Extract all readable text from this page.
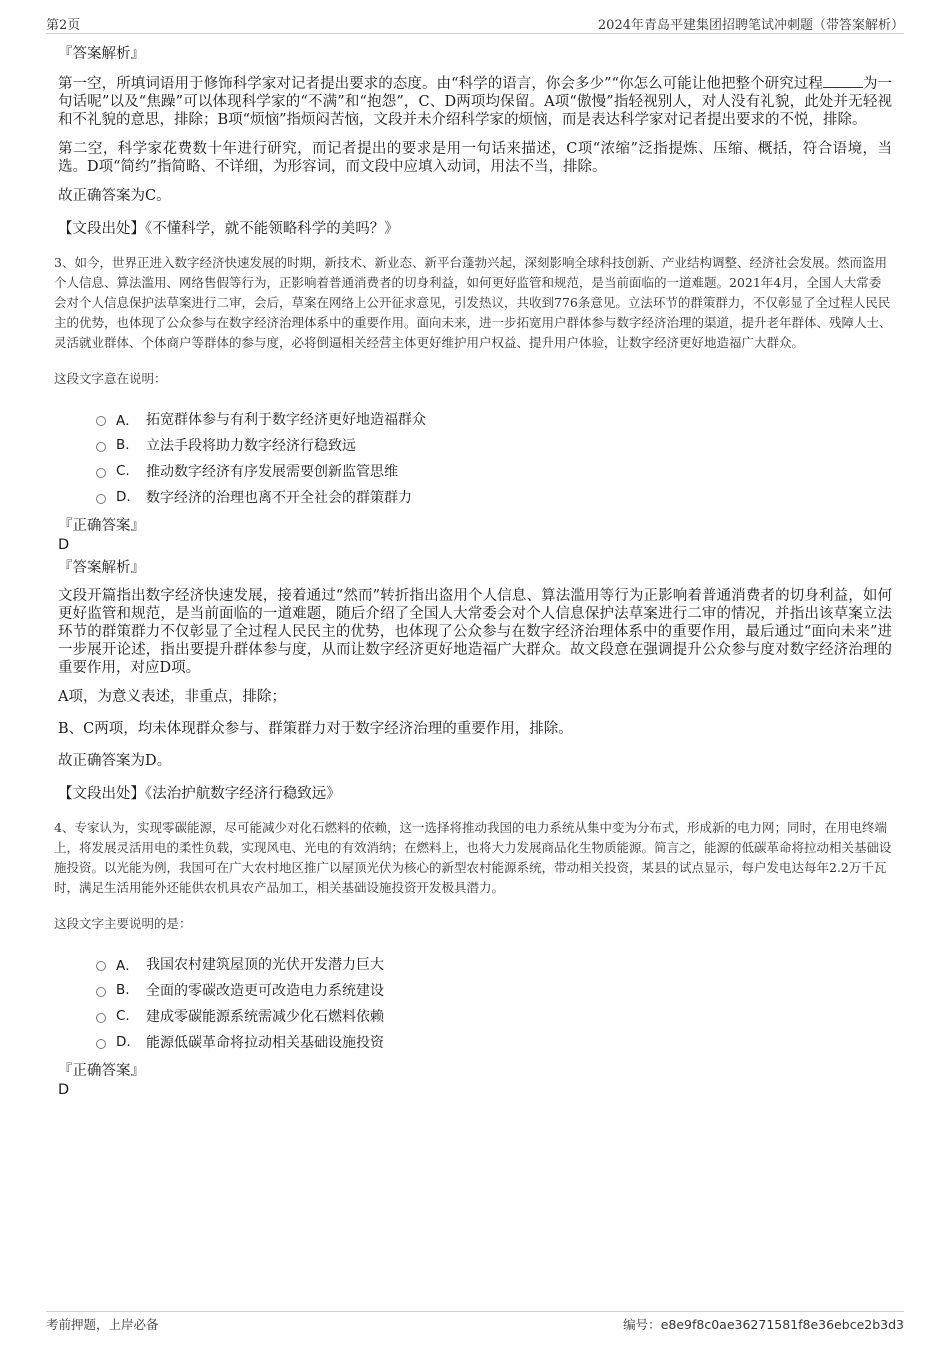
第2页	2024年青岛平建集团招聘笔试冲刺题（带答案解析）
『答案解析』
第一空，所填词语用于修饰科学家对记者提出要求的态度。由“科学的语言，你会多少”“你怎么可能让他把整个研究过程	为一句话呢”以及“焦躁”可以体现科学家的“不满”和“抱怨”，C、D两项均保留。A项“傲慢”指轻视别人，对人没有礼貌，此处并无轻视和不礼貌的意思，排除；B项“烦恼”指烦闷苦恼，文段并未介绍科学家的烦恼，而是表达科学家对记者提出要求的不悦，排除。
第二空，科学家花费数十年进行研究，而记者提出的要求是用一句话来描述，C项“浓缩”泛指提炼、压缩、概括，符合语境，当选。D项“简约”指简略、不详细，为形容词，而文段中应填入动词，用法不当，排除。
故正确答案为C。
【文段出处】《不懂科学，就不能领略科学的美吗？》
3、如今，世界正进入数字经济快速发展的时期，新技术、新业态、新平台蓬勃兴起，深刻影响全球科技创新、产业结构调整、经济社会发展。然而盗用个人信息、算法滥用、网络售假等行为，正影响着普通消费者的切身利益，如何更好监管和规范，是当前面临的一道难题。2021年4月，全国人大常委会对个人信息保护法草案进行二审，会后，草案在网络上公开征求意见，引发热议，共收到776条意见。立法环节的群策群力，不仅彰显了全过程人民民主的优势，也体现了公众参与在数字经济治理体系中的重要作用。面向未来，进一步拓宽用户群体参与数字经济治理的渠道，提升老年群体、残障人士、灵活就业群体、个体商户等群体的参与度，必将倒逼相关经营主体更好维护用户权益、提升用户体验，让数字经济更好地造福广大群众。
这段文字意在说明：
A． 拓宽群体参与有利于数字经济更好地造福群众
B.	立法手段将助力数字经济行稳致远
C.	推动数字经济有序发展需要创新监管思维
D.	数字经济的治理也离不开全社会的群策群力
『正确答案』
D
『答案解析』
文段开篇指出数字经济快速发展，接着通过“然而”转折指出盗用个人信息、算法滥用等行为正影响着普通消费者的切身利益，如何更好监管和规范，是当前面临的一道难题，随后介绍了全国人大常委会对个人信息保护法草案进行二审的情况，并指出该草案立法环节的群策群力不仅彰显了全过程人民民主的优势，也体现了公众参与在数字经济治理体系中的重要作用，最后通过“面向未来”进一步展开论述，指出要提升群体参与度，从而让数字经济更好地造福广大群众。故文段意在强调提升公众参与度对数字经济治理的重要作用，对应D项。
A项，为意义表述，非重点，排除；
B、C两项，均未体现群众参与、群策群力对于数字经济治理的重要作用，排除。
故正确答案为D。
【文段出处】《法治护航数字经济行稳致远》
4、专家认为，实现零碳能源，尽可能减少对化石燃料的依赖，这一选择将推动我国的电力系统从集中变为分布式，形成新的电力网；同时，在用电终端上，将发展灵活用电的柔性负载，实现风电、光电的有效消纳；在燃料上，也将大力发展商品化生物质能源。简言之，能源的低碳革命将拉动相关基础设施投资。以光能为例，我国可在广大农村地区推广以屋顶光伏为核心的新型农村能源系统，带动相关投资，某县的试点显示，每户发电达每年2.2万千瓦时，满足生活用能外还能供农机具农产品加工，相关基础设施投资开发极具潜力。
这段文字主要说明的是：
A． 我国农村建筑屋顶的光伏开发潜力巨大
B.	全面的零碳改造更可改造电力系统建设
C.	建成零碳能源系统需减少化石燃料依赖
D.	能源低碳革命将拉动相关基础设施投资
『正确答案』
D
考前押题，上岸必备	编号：e8e9f8c0ae36271581f8e36ebce2b3d3
